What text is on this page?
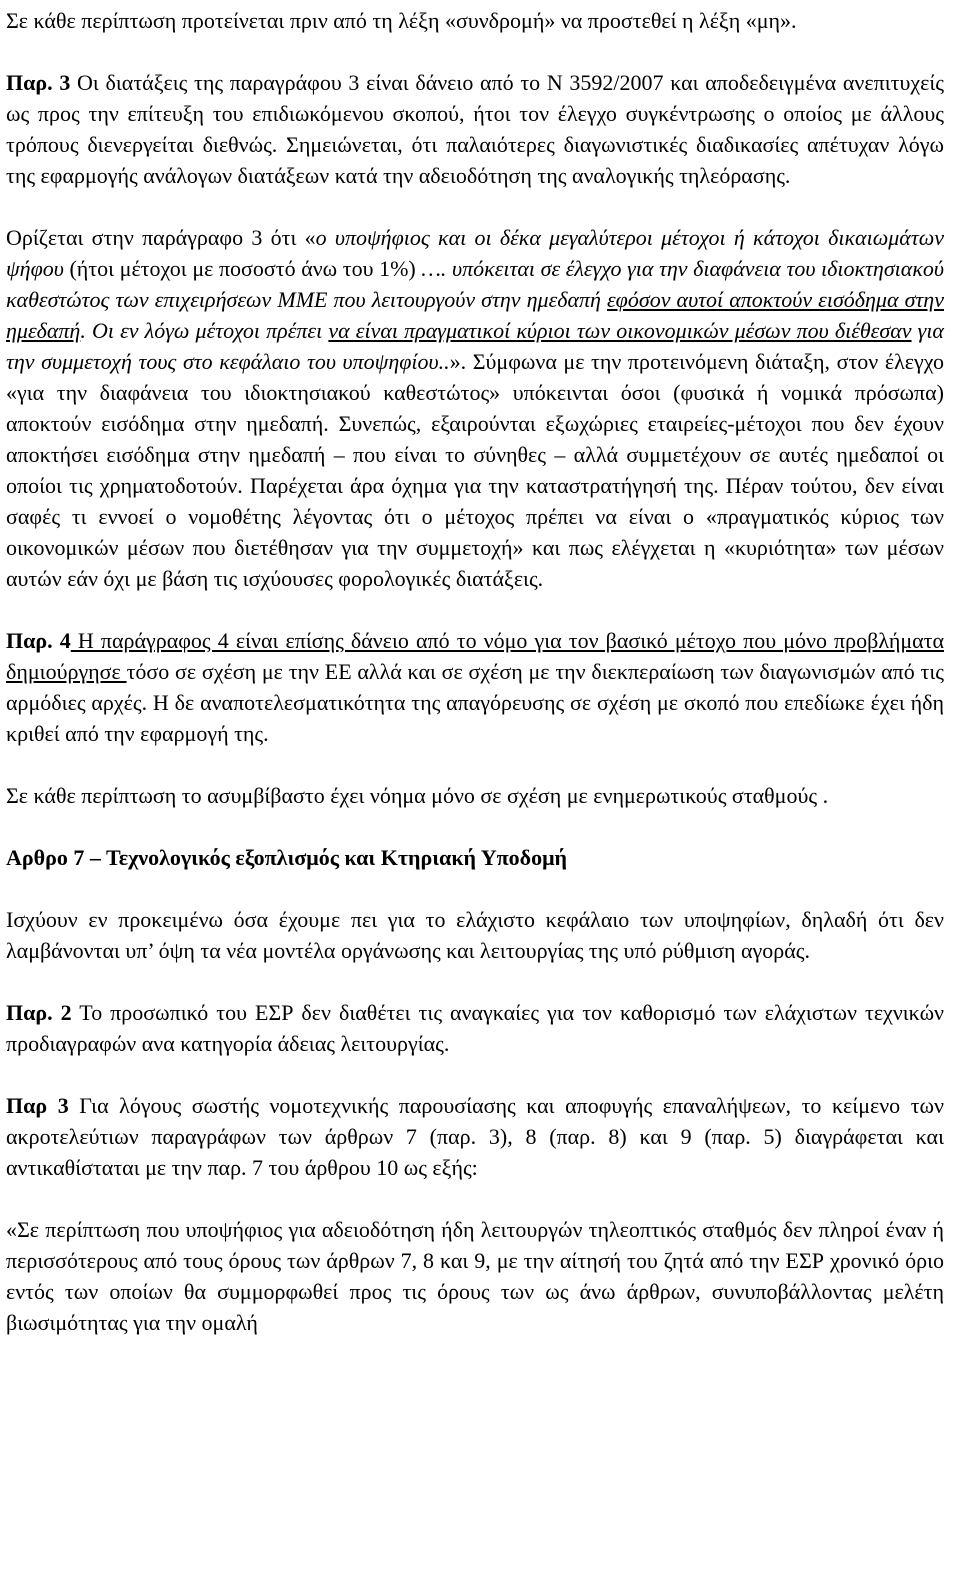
Σε κάθε περίπτωση προτείνεται πριν από τη λέξη «συνδρομή» να προστεθεί η λέξη «μη».

Παρ. 3 Οι διατάξεις της παραγράφου 3 είναι δάνειο από το Ν 3592/2007 και αποδεδειγμένα ανεπιτυχείς ως προς την επίτευξη του επιδιωκόμενου σκοπού, ήτοι τον έλεγχο συγκέντρωσης ο οποίος με άλλους τρόπους διενεργείται διεθνώς. Σημειώνεται, ότι παλαιότερες διαγωνιστικές διαδικασίες απέτυχαν λόγω της εφαρμογής ανάλογων διατάξεων κατά την αδειοδότηση της αναλογικής τηλεόρασης.

Ορίζεται στην παράγραφο 3 ότι «ο υποψήφιος και οι δέκα μεγαλύτεροι μέτοχοι ή κάτοχοι δικαιωμάτων ψήφου (ήτοι μέτοχοι με ποσοστό άνω του 1%) …. υπόκειται σε έλεγχο για την διαφάνεια του ιδιοκτησιακού καθεστώτος των επιχειρήσεων ΜΜΕ που λειτουργούν στην ημεδαπή εφόσον αυτοί αποκτούν εισόδημα στην ημεδαπή. Οι εν λόγω μέτοχοι πρέπει να είναι πραγματικοί κύριοι των οικονομικών μέσων που διέθεσαν για την συμμετοχή τους στο κεφάλαιο του υποψηφίου..». Σύμφωνα με την προτεινόμενη διάταξη, στον έλεγχο «για την διαφάνεια του ιδιοκτησιακού καθεστώτος» υπόκεινται όσοι (φυσικά ή νομικά πρόσωπα) αποκτούν εισόδημα στην ημεδαπή. Συνεπώς, εξαιρούνται εξωχώριες εταιρείες-μέτοχοι που δεν έχουν αποκτήσει εισόδημα στην ημεδαπή – που είναι το σύνηθες – αλλά συμμετέχουν σε αυτές ημεδαποί οι οποίοι τις χρηματοδοτούν. Παρέχεται άρα όχημα για την καταστρατήγησή της. Πέραν τούτου, δεν είναι σαφές τι εννοεί ο νομοθέτης λέγοντας ότι ο μέτοχος πρέπει να είναι ο «πραγματικός κύριος των οικονομικών μέσων που διετέθησαν για την συμμετοχή» και πως ελέγχεται η «κυριότητα» των μέσων αυτών εάν όχι με βάση τις ισχύουσες φορολογικές διατάξεις.

Παρ. 4 Η παράγραφος 4 είναι επίσης δάνειο από το νόμο για τον βασικό μέτοχο που μόνο προβλήματα δημιούργησε τόσο σε σχέση με την ΕΕ αλλά και σε σχέση με την διεκπεραίωση των διαγωνισμών από τις αρμόδιες αρχές. Η δε αναποτελεσματικότητα της απαγόρευσης σε σχέση με σκοπό που επεδίωκε έχει ήδη κριθεί από την εφαρμογή της.

Σε κάθε περίπτωση το ασυμβίβαστο έχει νόημα μόνο σε σχέση με ενημερωτικούς σταθμούς .

Αρθρο 7 – Τεχνολογικός εξοπλισμός και Κτηριακή Υποδομή

Ισχύουν εν προκειμένω όσα έχουμε πει για το ελάχιστο κεφάλαιο των υποψηφίων, δηλαδή ότι δεν λαμβάνονται υπ’ όψη τα νέα μοντέλα οργάνωσης και λειτουργίας της υπό ρύθμιση αγοράς.

Παρ. 2 Το προσωπικό του ΕΣΡ δεν διαθέτει τις αναγκαίες για τον καθορισμό των ελάχιστων τεχνικών προδιαγραφών ανα κατηγορία άδειας λειτουργίας.

Παρ 3 Για λόγους σωστής νομοτεχνικής παρουσίασης και αποφυγής επαναλήψεων, το κείμενο των ακροτελεύτιων παραγράφων των άρθρων 7 (παρ. 3), 8 (παρ. 8) και 9 (παρ. 5) διαγράφεται και αντικαθίσταται με την παρ. 7 του άρθρου 10 ως εξής:

«Σε περίπτωση που υποψήφιος για αδειοδότηση ήδη λειτουργών τηλεοπτικός σταθμός δεν πληροί έναν ή περισσότερους από τους όρους των άρθρων 7, 8 και 9, με την αίτησή του ζητά από την ΕΣΡ χρονικό όριο εντός των οποίων θα συμμορφωθεί προς τις όρους των ως άνω άρθρων, συνυποβάλλοντας μελέτη βιωσιμότητας για την ομαλή
